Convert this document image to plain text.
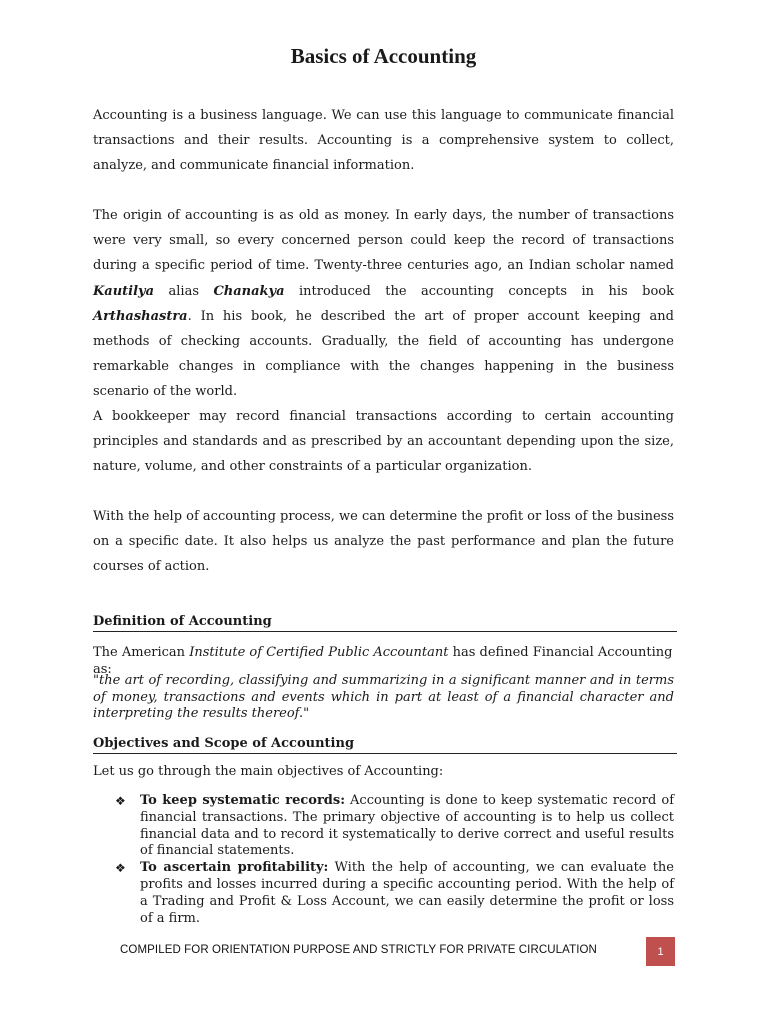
Basics of Accounting

Accounting is a business language. We can use this language to communicate financial transactions and their results. Accounting is a comprehensive system to collect, analyze, and communicate financial information.

The origin of accounting is as old as money. In early days, the number of transactions were very small, so every concerned person could keep the record of transactions during a specific period of time. Twenty-three centuries ago, an Indian scholar named Kautilya alias Chanakya introduced the accounting concepts in his book Arthashastra. In his book, he described the art of proper account keeping and methods of checking accounts. Gradually, the field of accounting has undergone remarkable changes in compliance with the changes happening in the business scenario of the world.

A bookkeeper may record financial transactions according to certain accounting principles and standards and as prescribed by an accountant depending upon the size, nature, volume, and other constraints of a particular organization.

With the help of accounting process, we can determine the profit or loss of the business on a specific date. It also helps us analyze the past performance and plan the future courses of action.

Definition of Accounting

The American Institute of Certified Public Accountant has defined Financial Accounting as:

"the art of recording, classifying and summarizing in a significant manner and in terms of money, transactions and events which in part at least of a financial character and interpreting the results thereof."

Objectives and Scope of Accounting

Let us go through the main objectives of Accounting:

❖ To keep systematic records: Accounting is done to keep systematic record of financial transactions. The primary objective of accounting is to help us collect financial data and to record it systematically to derive correct and useful results of financial statements.
❖ To ascertain profitability: With the help of accounting, we can evaluate the profits and losses incurred during a specific accounting period. With the help of a Trading and Profit & Loss Account, we can easily determine the profit or loss of a firm.
COMPILED FOR ORIENTATION PURPOSE AND STRICTLY FOR PRIVATE CIRCULATION	1
